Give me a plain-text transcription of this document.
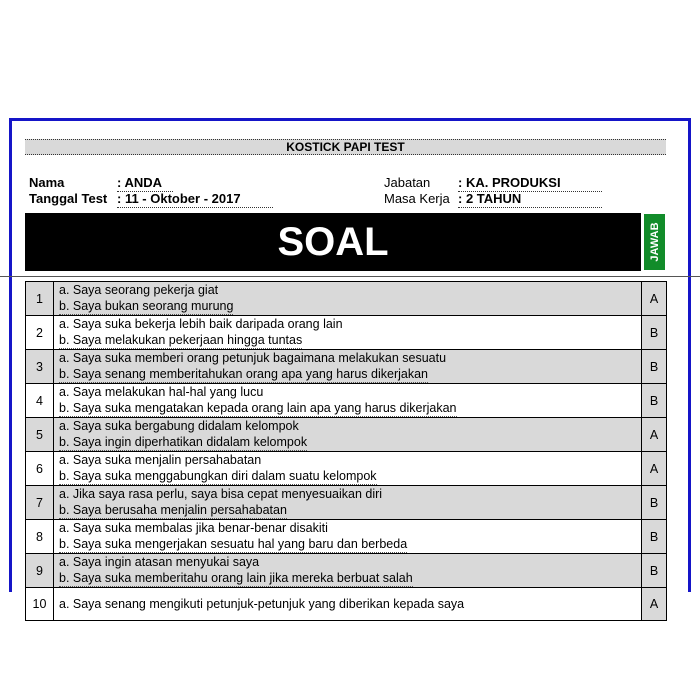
KOSTICK PAPI TEST
Nama	: ANDA
Tanggal Test : 11 - Oktober - 2017
Jabatan : KA. PRODUKSI
Masa Kerja : 2 TAHUN
SOAL	JAWAB
1	a. Saya seorang pekerja giat
b. Saya bukan seorang murung	A
2	a. Saya suka bekerja lebih baik daripada orang lain
b. Saya melakukan pekerjaan hingga tuntas	B
3	a. Saya suka memberi orang petunjuk bagaimana melakukan sesuatu
b. Saya senang memberitahukan orang apa yang harus dikerjakan	B
4	a. Saya melakukan hal-hal yang lucu
b. Saya suka mengatakan kepada orang lain apa yang harus dikerjakan	B
5	a. Saya suka bergabung didalam kelompok
b. Saya ingin diperhatikan didalam kelompok	A
6	a. Saya suka menjalin persahabatan
b. Saya suka menggabungkan diri dalam suatu kelompok	A
7	a. Jika saya rasa perlu, saya bisa cepat menyesuaikan diri
b. Saya berusaha menjalin persahabatan	B
8	a. Saya suka membalas jika benar-benar disakiti
b. Saya suka mengerjakan sesuatu hal yang baru dan berbeda	B
9	a. Saya ingin atasan menyukai saya
b. Saya suka memberitahu orang lain jika mereka berbuat salah	B
10	a. Saya senang mengikuti petunjuk-petunjuk yang diberikan kepada saya	A
